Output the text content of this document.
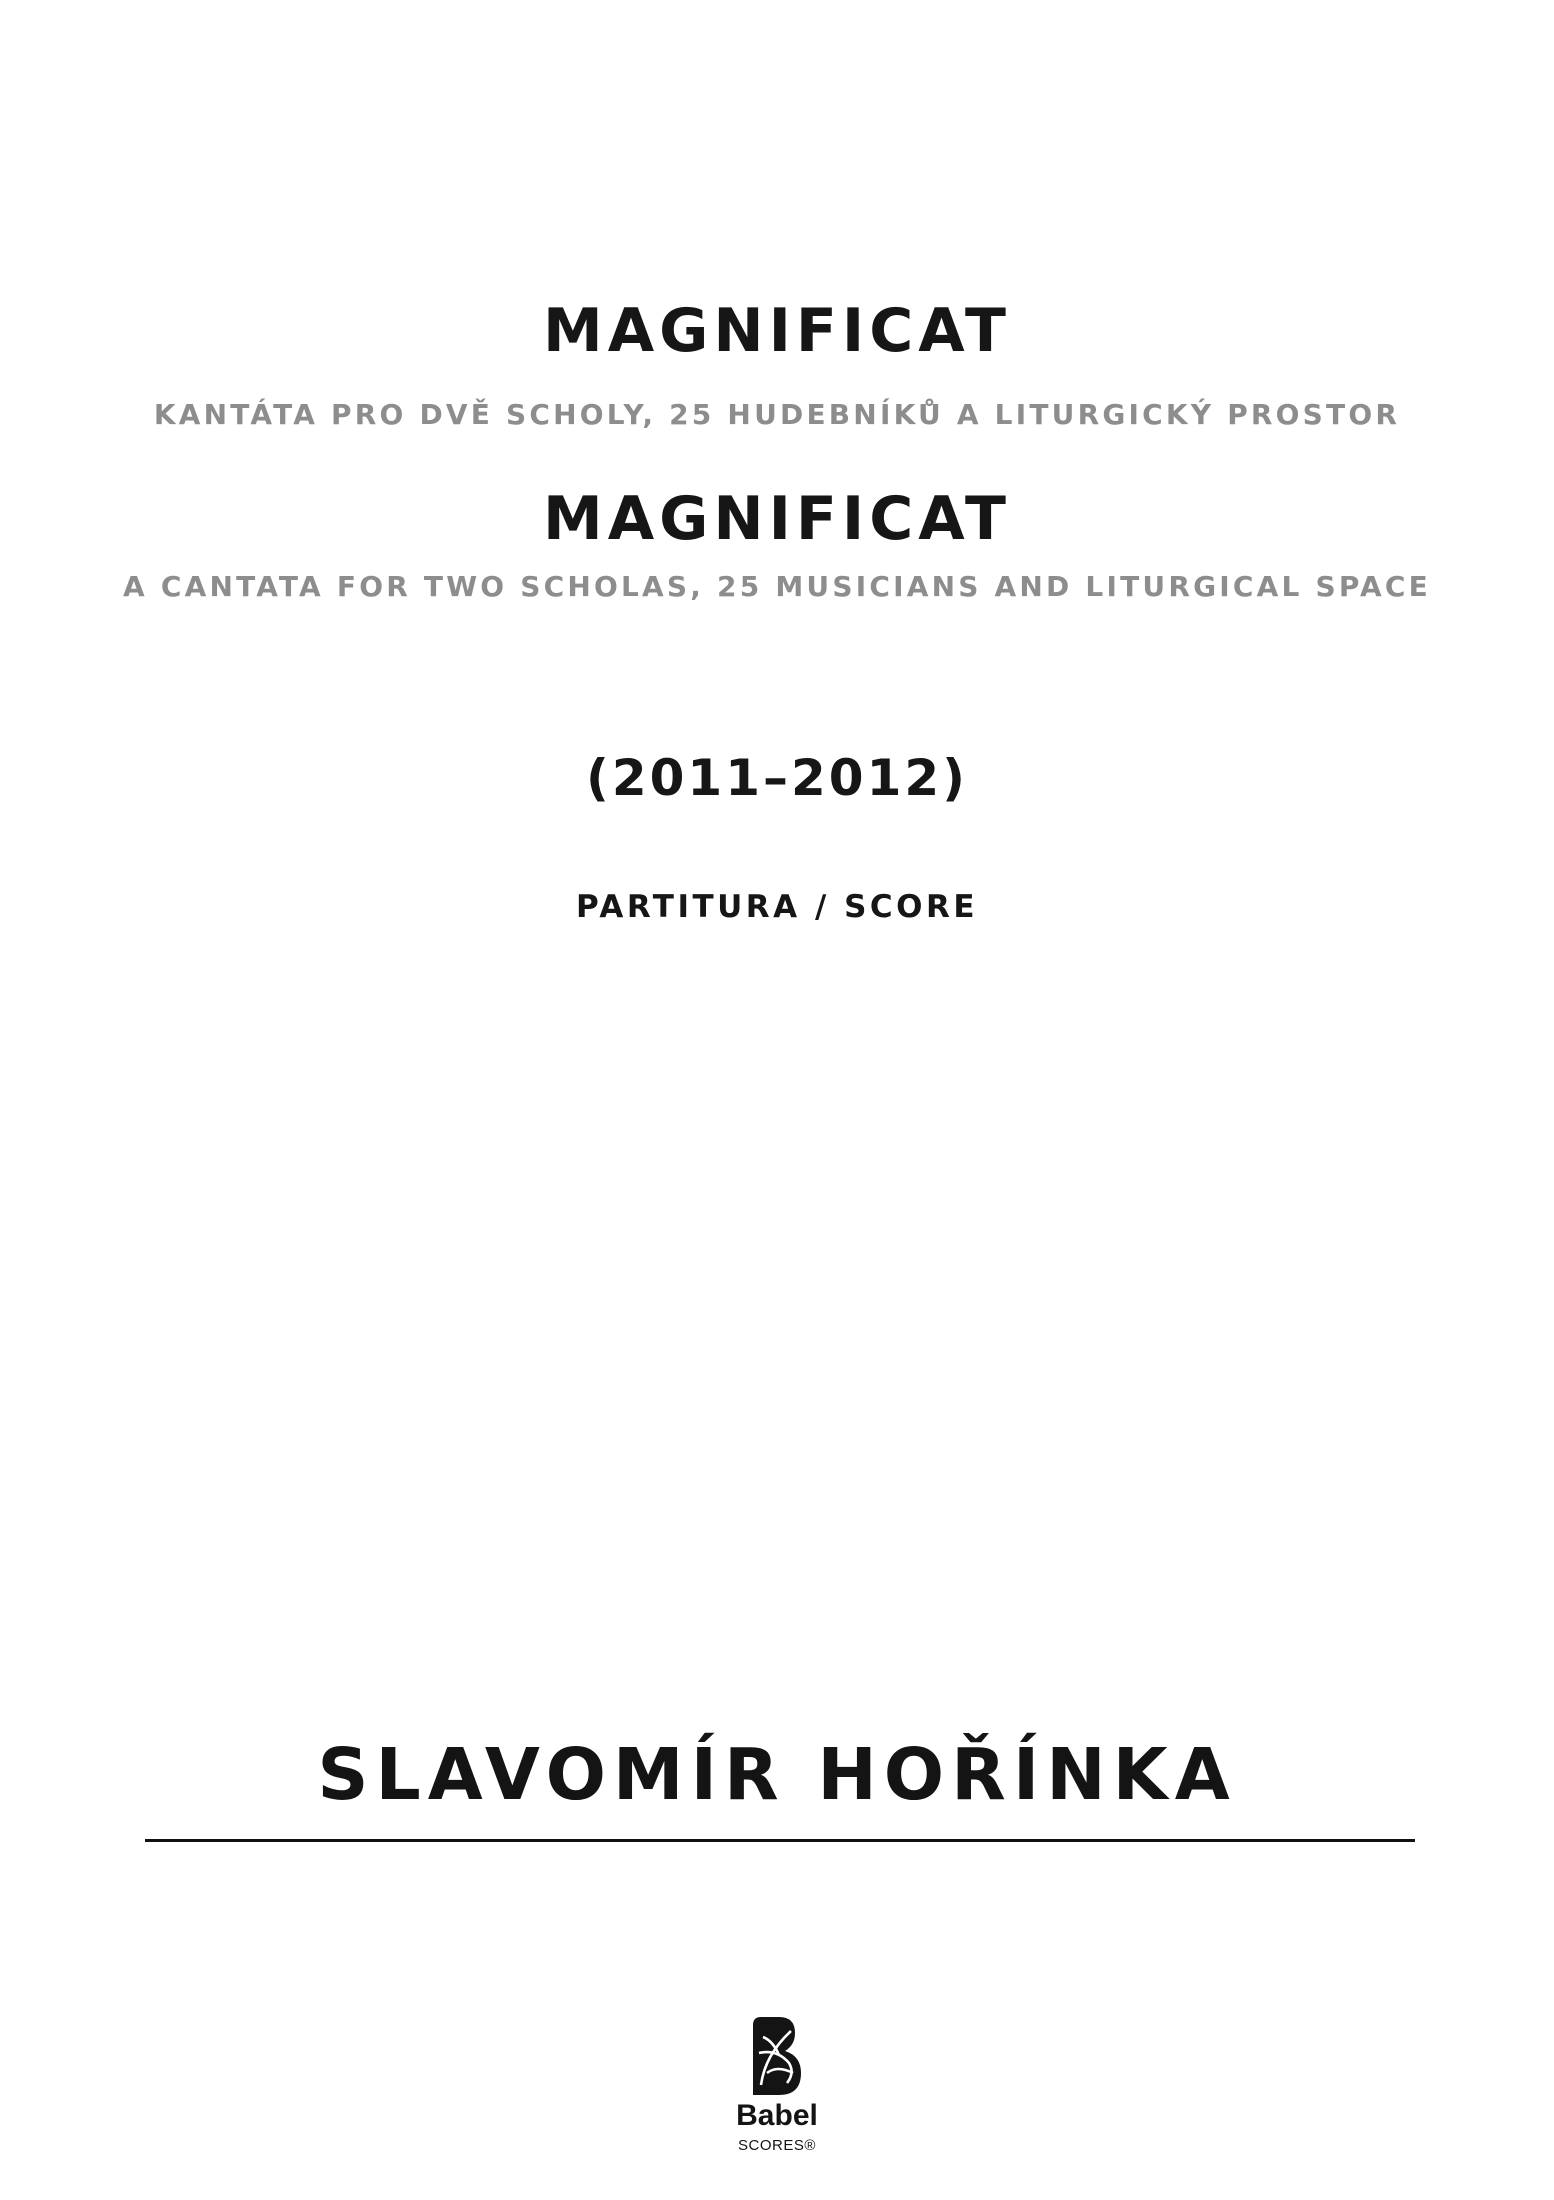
MAGNIFICAT
KANTÁTA PRO DVĚ SCHOLY, 25 HUDEBNÍKŮ A LITURGICKÝ PROSTOR
MAGNIFICAT
A CANTATA FOR TWO SCHOLAS, 25 MUSICIANS AND LITURGICAL SPACE
(2011–2012)
PARTITURA / SCORE
SLAVOMÍR HOŘÍNKA
Babel
SCORES®
